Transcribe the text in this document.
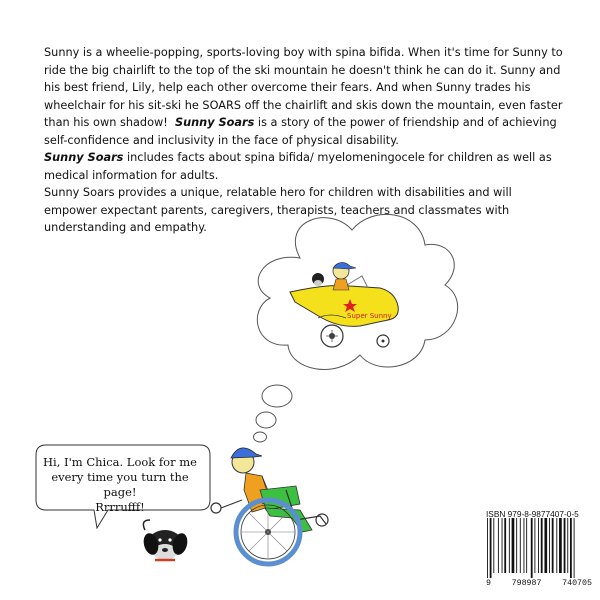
Sunny is a wheelie-popping, sports-loving boy with spina bifida. When it's time for Sunny to ride the big chairlift to the top of the ski mountain he doesn't think he can do it. Sunny and his best friend, Lily, help each other overcome their fears. And when Sunny trades his wheelchair for his sit-ski he SOARS off the chairlift and skis down the mountain, even faster than his own shadow! Sunny Soars is a story of the power of friendship and of achieving self-confidence and inclusivity in the face of physical disability.

Sunny Soars includes facts about spina bifida/ myelomeningocele for children as well as medical information for adults.

Sunny Soars provides a unique, relatable hero for children with disabilities and will empower expectant parents, caregivers, therapists, teachers and classmates with understanding and empathy.

Super Sunny
Hi, I'm Chica. Look for me
every time you turn the page!
Rrrrufff!	ISBN 979-8-9877407-0-5
9 798987 740705
